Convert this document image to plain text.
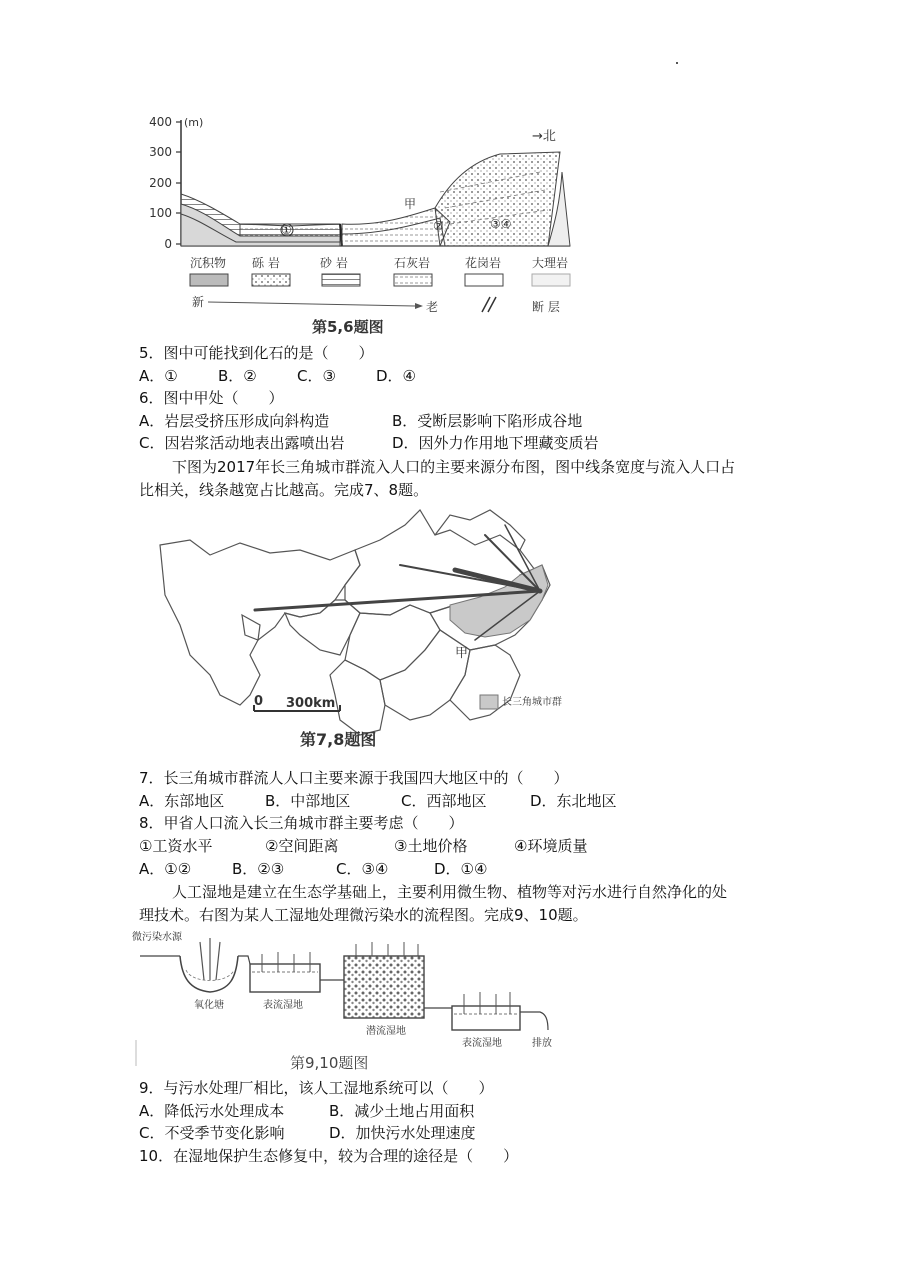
400
300
200
100
0
(m)
→北
①	②	③④
甲
沉积物 砾 岩	砂 岩	石灰岩	花岗岩	大理岩
新	老	断 层
第5,6题图
5．图中可能找到化石的是（　　）
A．①	B．②	C．③	D．④
6．图中甲处（　　）
A．岩层受挤压形成向斜构造	B．受断层影响下陷形成谷地
C．因岩浆活动地表出露喷出岩	D．因外力作用地下埋藏变质岩
下图为2017年长三角城市群流入人口的主要来源分布图，图中线条宽度与流入人口占
比相关，线条越宽占比越高。完成7、8题。
甲
0 300km	长三角城市群
第7,8题图
7．长三角城市群流人人口主要来源于我国四大地区中的（　　）
A．东部地区	B．中部地区	C．西部地区	D．东北地区
8．甲省人口流入长三角城市群主要考虑（　　）
①工资水平	②空间距离	③土地价格	④环境质量
A．①②	B．②③	C．③④	D．①④
人工湿地是建立在生态学基础上，主要利用微生物、植物等对污水进行自然净化的处
理技术。右图为某人工湿地处理微污染水的流程图。完成9、10题。
微污染水源
氧化塘	表流湿地
潜流湿地
表流湿地	排放
第9,10题图
9．与污水处理厂相比，该人工湿地系统可以（　　）
A．降低污水处理成本	B．减少土地占用面积
C．不受季节变化影响	D．加快污水处理速度
10．在湿地保护生态修复中，较为合理的途径是（　　）
